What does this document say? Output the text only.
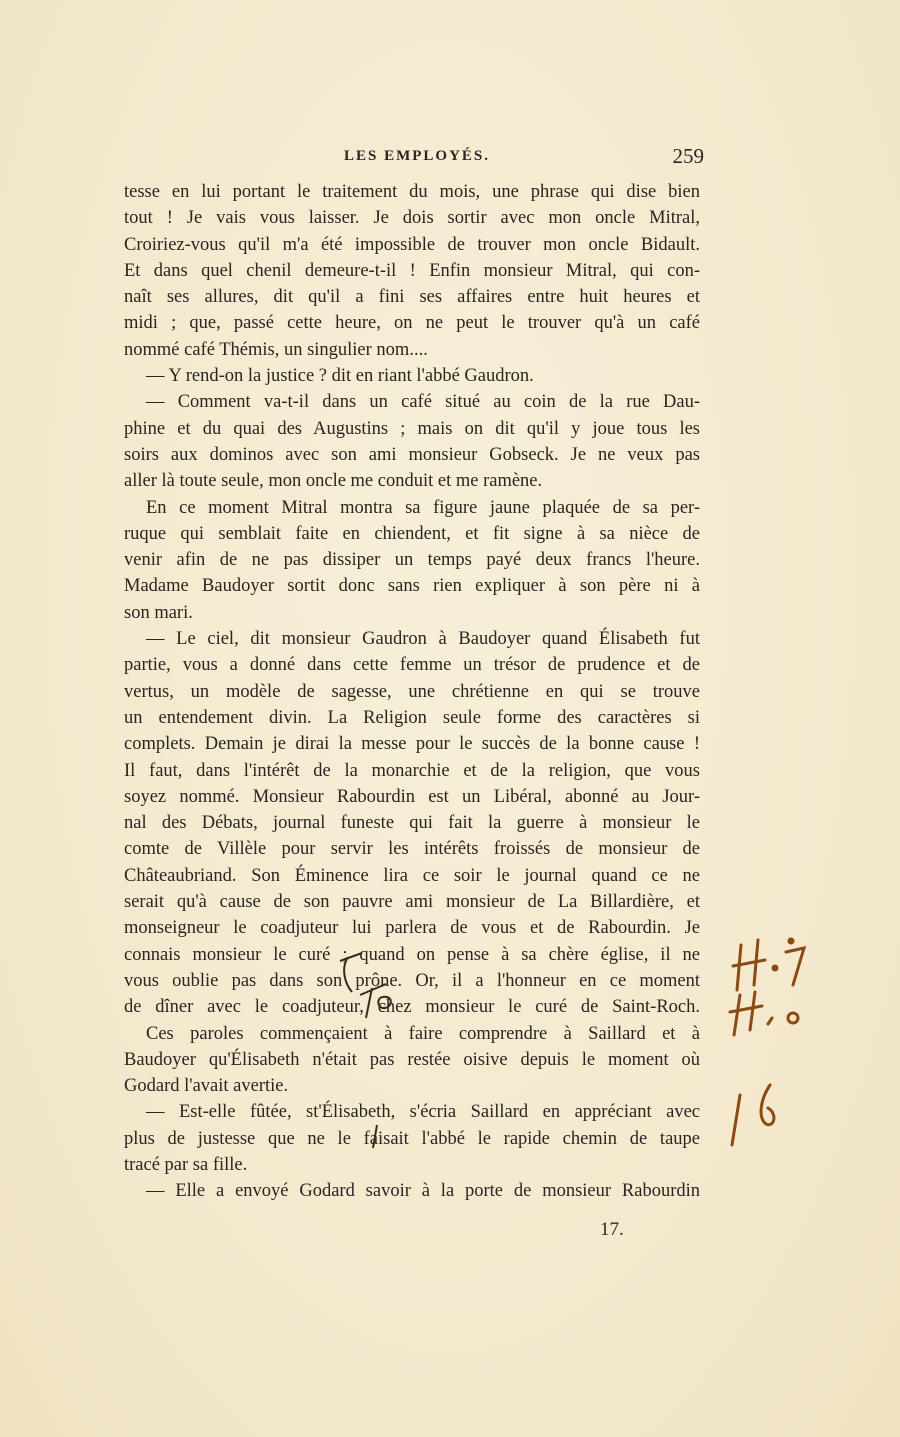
LES EMPLOYÉS.	259
tesse en lui portant le traitement du mois, une phrase qui dise bien
tout ! Je vais vous laisser. Je dois sortir avec mon oncle Mitral,
Croiriez-vous qu'il m'a été impossible de trouver mon oncle Bidault.
Et dans quel chenil demeure-t-il ! Enfin monsieur Mitral, qui con-
naît ses allures, dit qu'il a fini ses affaires entre huit heures et
midi ; que, passé cette heure, on ne peut le trouver qu'à un café
nommé café Thémis, un singulier nom....
— Y rend-on la justice ? dit en riant l'abbé Gaudron.
— Comment va-t-il dans un café situé au coin de la rue Dau-
phine et du quai des Augustins ; mais on dit qu'il y joue tous les
soirs aux dominos avec son ami monsieur Gobseck. Je ne veux pas
aller là toute seule, mon oncle me conduit et me ramène.
En ce moment Mitral montra sa figure jaune plaquée de sa per-
ruque qui semblait faite en chiendent, et fit signe à sa nièce de
venir afin de ne pas dissiper un temps payé deux francs l'heure.
Madame Baudoyer sortit donc sans rien expliquer à son père ni à
son mari.
— Le ciel, dit monsieur Gaudron à Baudoyer quand Élisabeth fut
partie, vous a donné dans cette femme un trésor de prudence et de
vertus, un modèle de sagesse, une chrétienne en qui se trouve
un entendement divin. La Religion seule forme des caractères si
complets. Demain je dirai la messe pour le succès de la bonne cause !
Il faut, dans l'intérêt de la monarchie et de la religion, que vous
soyez nommé. Monsieur Rabourdin est un Libéral, abonné au Jour-
nal des Débats, journal funeste qui fait la guerre à monsieur le
comte de Villèle pour servir les intérêts froissés de monsieur de
Châteaubriand. Son Éminence lira ce soir le journal quand ce ne
serait qu'à cause de son pauvre ami monsieur de La Billardière, et
monseigneur le coadjuteur lui parlera de vous et de Rabourdin. Je
connais monsieur le curé ; quand on pense à sa chère église, il ne
vous oublie pas dans son prône. Or, il a l'honneur en ce moment
de dîner avec le coadjuteur, chez monsieur le curé de Saint-Roch.
Ces paroles commençaient à faire comprendre à Saillard et à
Baudoyer qu'Élisabeth n'était pas restée oisive depuis le moment où
Godard l'avait avertie.
— Est-elle fûtée, st'Élisabeth, s'écria Saillard en appréciant avec
plus de justesse que ne le faisait l'abbé le rapide chemin de taupe
tracé par sa fille.
— Elle a envoyé Godard savoir à la porte de monsieur Rabourdin
17.
